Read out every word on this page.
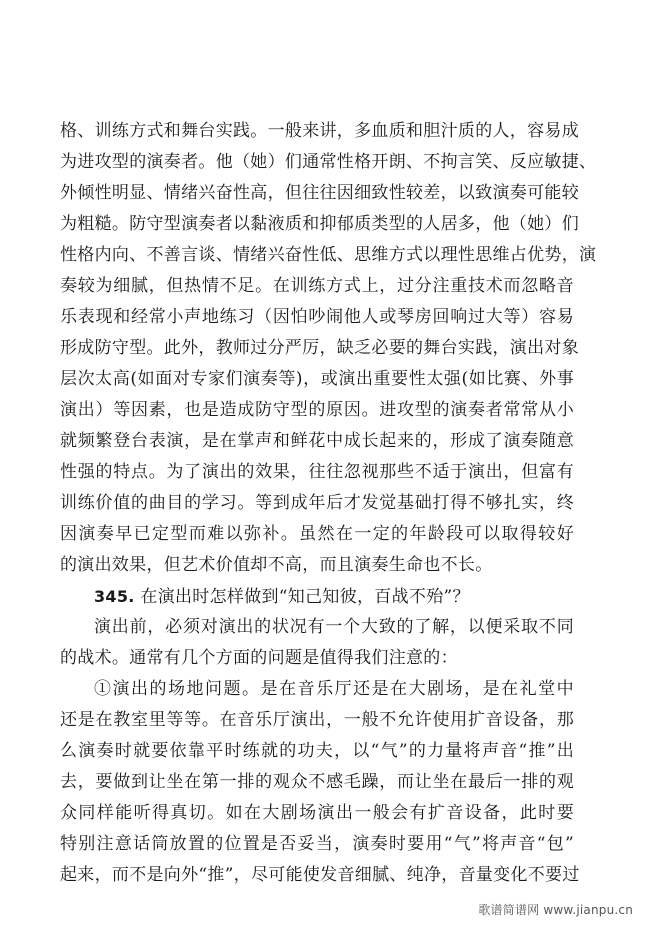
格、训练方式和舞台实践。一般来讲，多血质和胆汁质的人，容易成
为进攻型的演奏者。他（她）们通常性格开朗、不拘言笑、反应敏捷、
外倾性明显、情绪兴奋性高，但往往因细致性较差，以致演奏可能较
为粗糙。防守型演奏者以黏液质和抑郁质类型的人居多，他（她）们
性格内向、不善言谈、情绪兴奋性低、思维方式以理性思维占优势，演
奏较为细腻，但热情不足。在训练方式上，过分注重技术而忽略音
乐表现和经常小声地练习（因怕吵闹他人或琴房回响过大等）容易
形成防守型。此外，教师过分严厉，缺乏必要的舞台实践，演出对象
层次太高(如面对专家们演奏等)，或演出重要性太强(如比赛、外事
演出）等因素，也是造成防守型的原因。进攻型的演奏者常常从小
就频繁登台表演，是在掌声和鲜花中成长起来的，形成了演奏随意
性强的特点。为了演出的效果，往往忽视那些不适于演出，但富有
训练价值的曲目的学习。等到成年后才发觉基础打得不够扎实，终
因演奏早已定型而难以弥补。虽然在一定的年龄段可以取得较好
的演出效果，但艺术价值却不高，而且演奏生命也不长。
345. 在演出时怎样做到“知己知彼，百战不殆”？
演出前，必须对演出的状况有一个大致的了解，以便采取不同
的战术。通常有几个方面的问题是值得我们注意的：
①演出的场地问题。是在音乐厅还是在大剧场，是在礼堂中
还是在教室里等等。在音乐厅演出，一般不允许使用扩音设备，那
么演奏时就要依靠平时练就的功夫，以“气”的力量将声音“推”出
去，要做到让坐在第一排的观众不感毛躁，而让坐在最后一排的观
众同样能听得真切。如在大剧场演出一般会有扩音设备，此时要
特别注意话筒放置的位置是否妥当，演奏时要用“气”将声音“包”
起来，而不是向外“推”，尽可能使发音细腻、纯净，音量变化不要过
歌谱简谱网 www.jianpu.cn
